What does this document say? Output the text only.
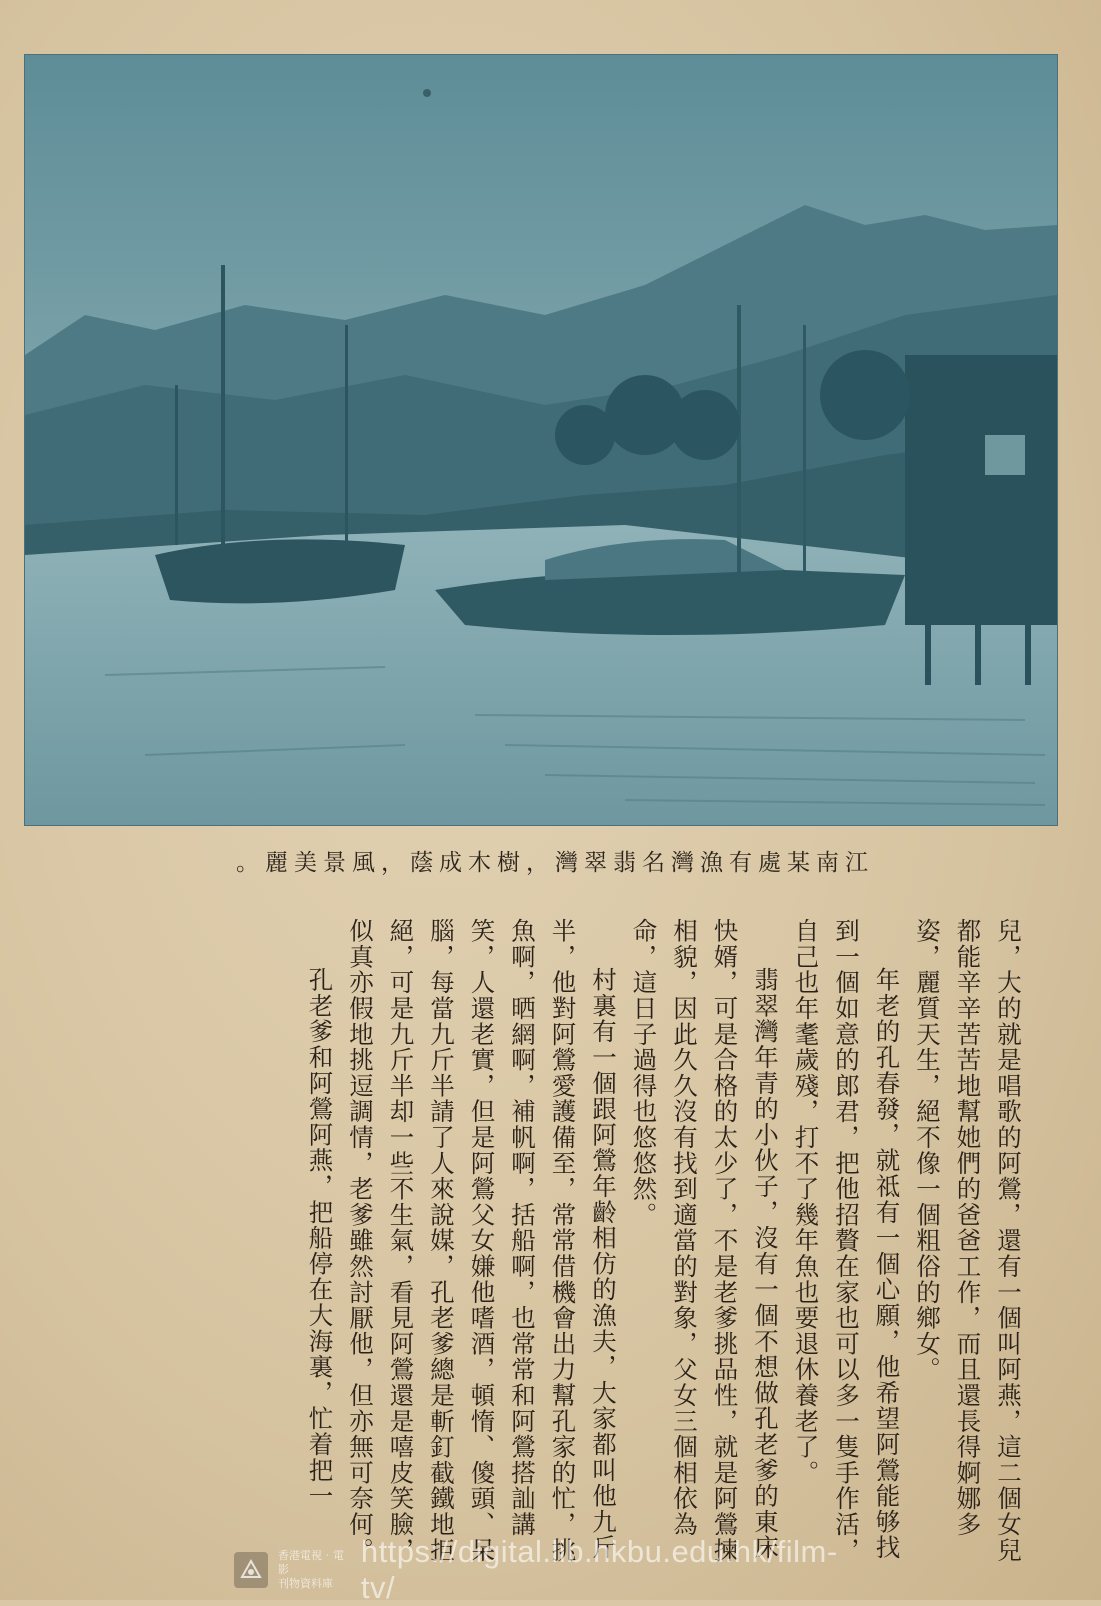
江南某處有漁灣名翡翠灣，樹木成蔭，風景美麗。

兒，大的就是唱歌的阿鶯，還有一個叫阿燕，這二個女兒都能辛辛苦苦地幫她們的爸爸工作，而且還長得婀娜多姿，麗質天生，絕不像一個粗俗的鄉女。

年老的孔春發，就祗有一個心願，他希望阿鶯能够找到一個如意的郎君，把他招贅在家也可以多一隻手作活，自己也年耄歲殘，打不了幾年魚也要退休養老了。

翡翠灣年青的小伙子，沒有一個不想做孔老爹的東床快婿，可是合格的太少了，不是老爹挑品性，就是阿鶯揀相貌，因此久久沒有找到適當的對象，父女三個相依為命，這日子過得也悠悠然。

村裏有一個跟阿鶯年齡相仿的漁夫，大家都叫他九斤半，他對阿鶯愛護備至，常常借機會出力幫孔家的忙，挑魚啊，晒網啊，補帆啊，括船啊，也常常和阿鶯搭訕講笑，人還老實，但是阿鶯父女嫌他嗜酒，頓惰、傻頭、呆腦，每當九斤半請了人來說媒，孔老爹總是斬釘截鐵地拒絕，可是九斤半却一些不生氣，看見阿鶯還是嘻皮笑臉，似真亦假地挑逗調情，老爹雖然討厭他，但亦無可奈何。

孔老爹和阿鶯阿燕，把船停在大海裏，忙着把一

香港電視‧電影
刊物資料庫
https://digital.lib.hkbu.edu.hk/film-tv/
